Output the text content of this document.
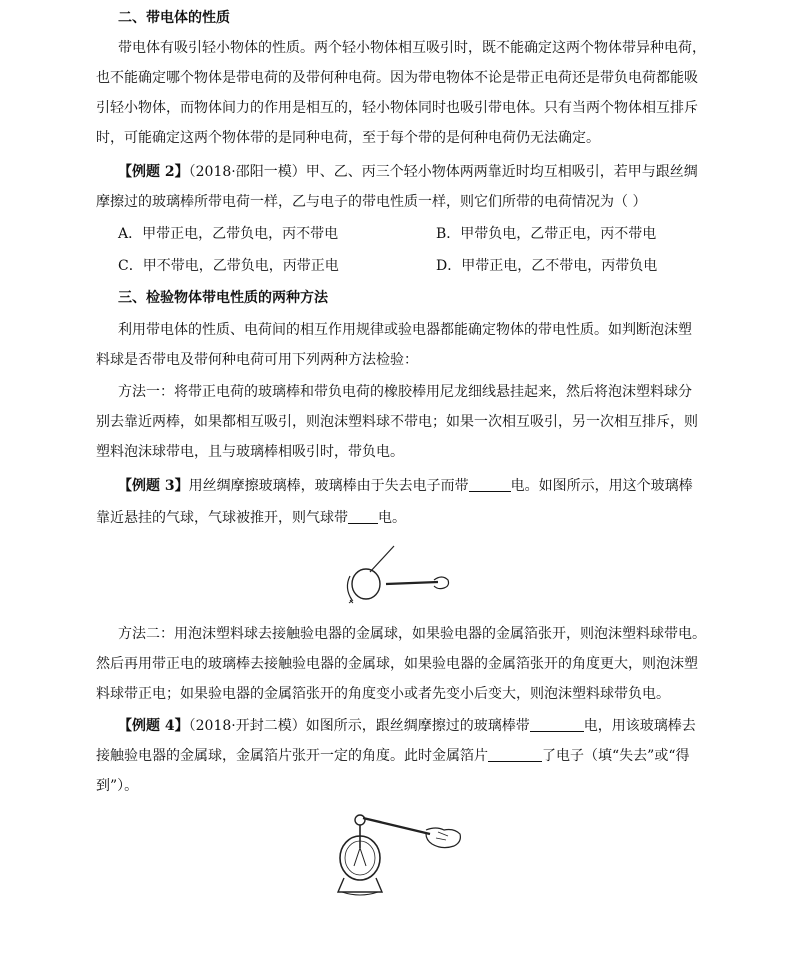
二、带电体的性质
带电体有吸引轻小物体的性质。两个轻小物体相互吸引时，既不能确定这两个物体带异种电荷，
也不能确定哪个物体是带电荷的及带何种电荷。因为带电物体不论是带正电荷还是带负电荷都能吸
引轻小物体，而物体间力的作用是相互的，轻小物体同时也吸引带电体。只有当两个物体相互排斥
时，可能确定这两个物体带的是同种电荷，至于每个带的是何种电荷仍无法确定。
【例题 2】（2018·邵阳一模）甲、乙、丙三个轻小物体两两靠近时均互相吸引，若甲与跟丝绸
摩擦过的玻璃棒所带电荷一样，乙与电子的带电性质一样，则它们所带的电荷情况为（ ）
A．甲带正电，乙带负电，丙不带电	B．甲带负电，乙带正电，丙不带电
C．甲不带电，乙带负电，丙带正电	D．甲带正电，乙不带电，丙带负电
三、检验物体带电性质的两种方法
利用带电体的性质、电荷间的相互作用规律或验电器都能确定物体的带电性质。如判断泡沫塑
料球是否带电及带何种电荷可用下列两种方法检验：
方法一：将带正电荷的玻璃棒和带负电荷的橡胶棒用尼龙细线悬挂起来，然后将泡沫塑料球分
别去靠近两棒，如果都相互吸引，则泡沫塑料球不带电；如果一次相互吸引，另一次相互排斥，则
塑料泡沫球带电，且与玻璃棒相吸引时，带负电。
【例题 3】用丝绸摩擦玻璃棒，玻璃棒由于失去电子而带	电。如图所示，用这个玻璃棒
靠近悬挂的气球，气球被推开，则气球带 电。
方法二：用泡沫塑料球去接触验电器的金属球，如果验电器的金属箔张开，则泡沫塑料球带电。
然后再用带正电的玻璃棒去接触验电器的金属球，如果验电器的金属箔张开的角度更大，则泡沫塑
料球带正电；如果验电器的金属箔张开的角度变小或者先变小后变大，则泡沫塑料球带负电。
【例题 4】（2018·开封二模）如图所示，跟丝绸摩擦过的玻璃棒带	电，用该玻璃棒去
接触验电器的金属球，金属箔片张开一定的角度。此时金属箔片	了电子（填“失去”或“得
到”）。
